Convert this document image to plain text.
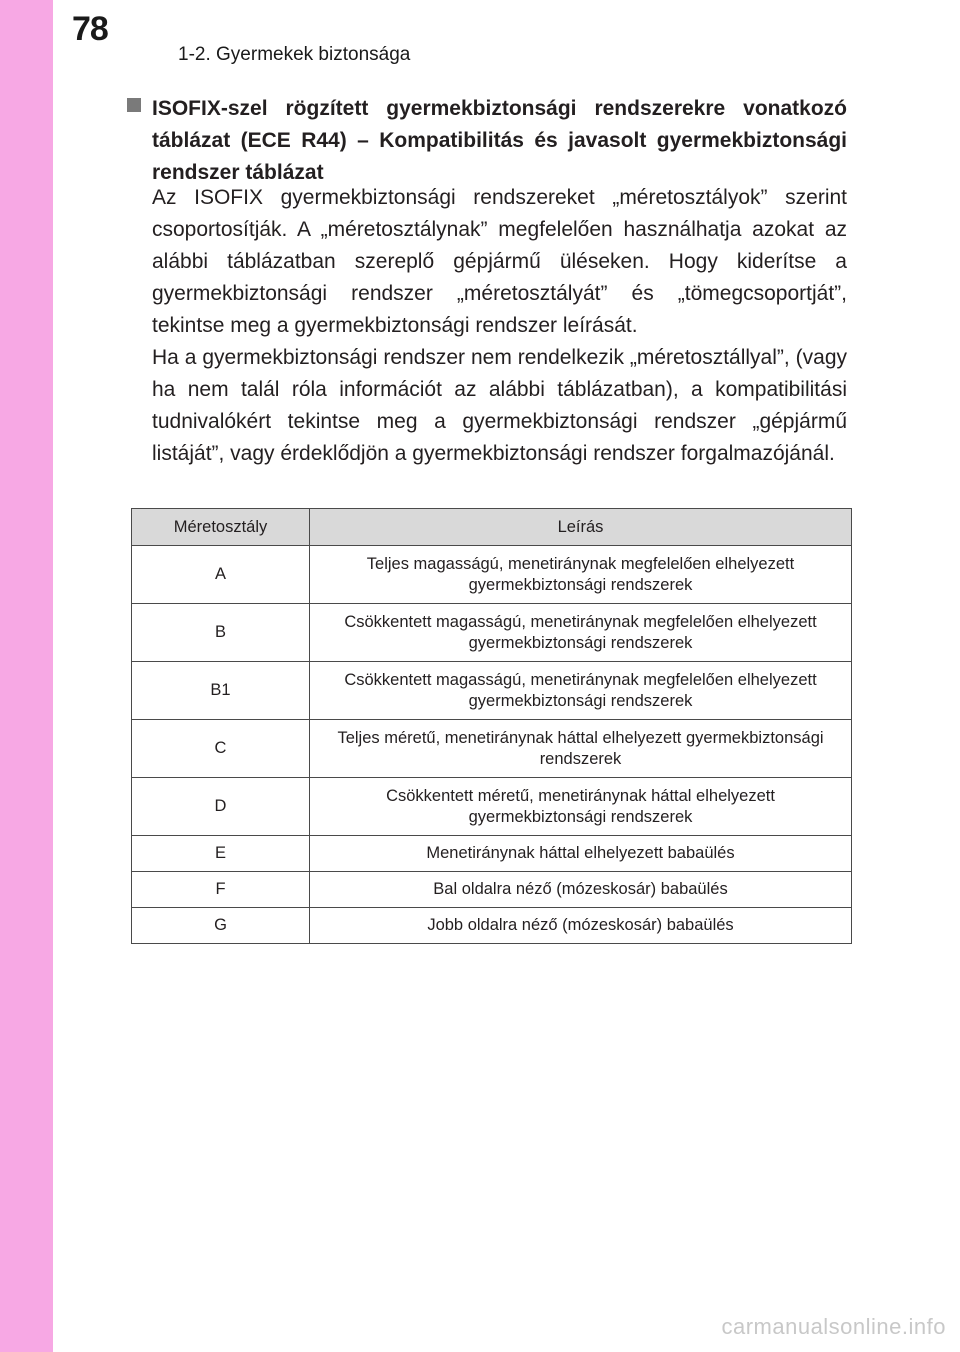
78
1-2. Gyermekek biztonsága

ISOFIX-szel rögzített gyermekbiztonsági rendszerekre vonatkozó táblázat (ECE R44) – Kompatibilitás és javasolt gyermekbiztonsági rendszer táblázat

Az ISOFIX gyermekbiztonsági rendszereket „méretosztályok” szerint csoportosítják. A „méretosztálynak” megfelelően használhatja azokat az alábbi táblázatban szereplő gépjármű üléseken. Hogy kiderítse a gyermekbiztonsági rendszer „méretosztályát” és „tömegcsoportját”, tekintse meg a gyermekbiztonsági rendszer leírását.

Ha a gyermekbiztonsági rendszer nem rendelkezik „méretosztállyal”, (vagy ha nem talál róla információt az alábbi táblázatban), a kompatibilitási tudnivalókért tekintse meg a gyermekbiztonsági rendszer „gépjármű listáját”, vagy érdeklődjön a gyermekbiztonsági rendszer forgalmazójánál.

Méretosztály	Leírás
A	Teljes magasságú, menetiránynak megfelelően elhelyezett gyermekbiztonsági rendszerek
B	Csökkentett magasságú, menetiránynak megfelelően elhelyezett gyermekbiztonsági rendszerek
B1	Csökkentett magasságú, menetiránynak megfelelően elhelyezett gyermekbiztonsági rendszerek
C	Teljes méretű, menetiránynak háttal elhelyezett gyermekbiztonsági rendszerek
D	Csökkentett méretű, menetiránynak háttal elhelyezett gyermekbiztonsági rendszerek
E	Menetiránynak háttal elhelyezett babaülés
F	Bal oldalra néző (mózeskosár) babaülés
G	Jobb oldalra néző (mózeskosár) babaülés
carmanualsonline.info
